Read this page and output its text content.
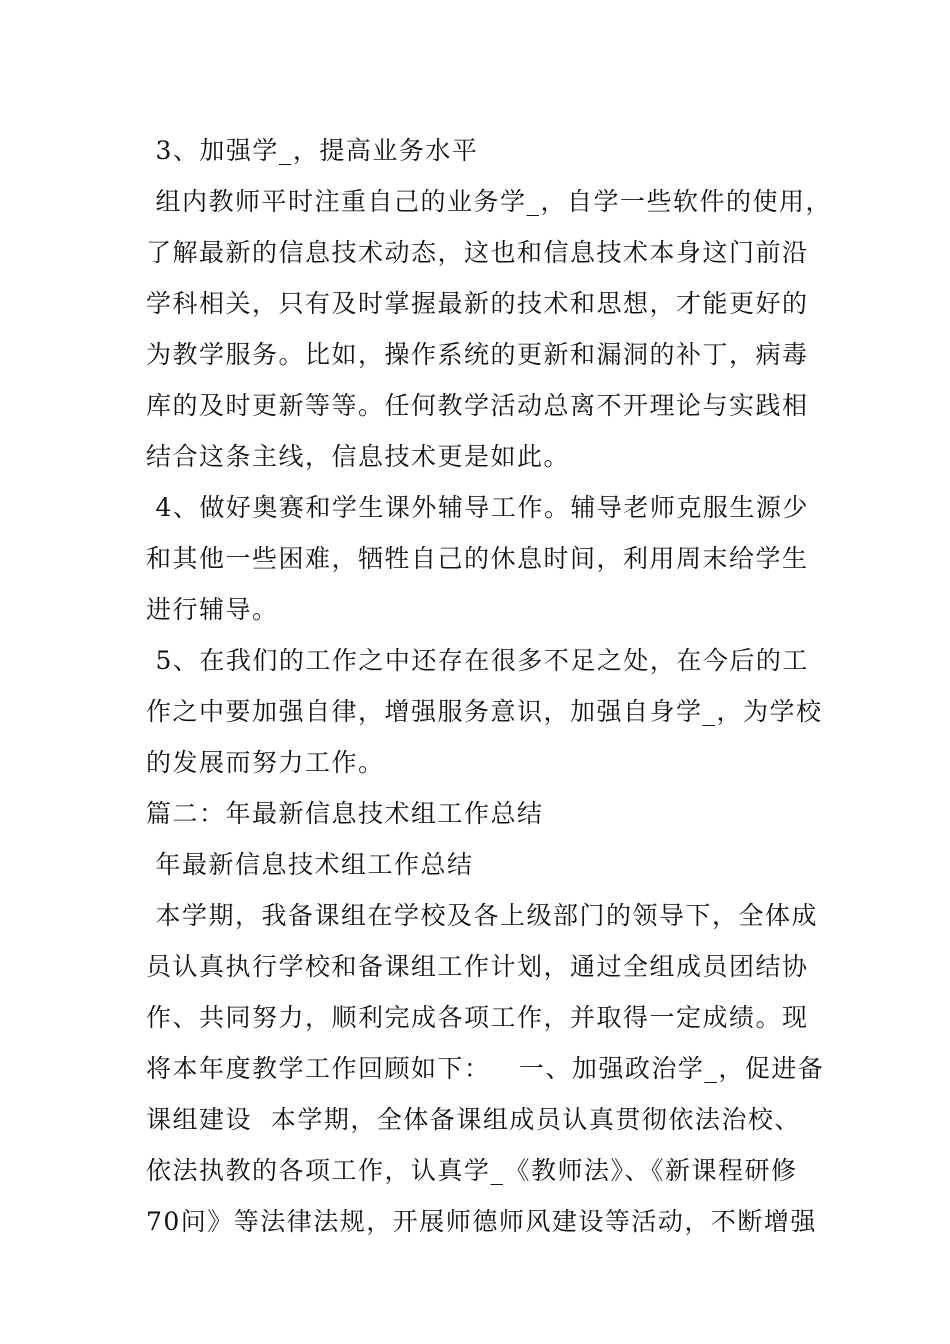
3、加强学_，提高业务水平

组内教师平时注重自己的业务学_，自学一些软件的使用，

了解最新的信息技术动态，这也和信息技术本身这门前沿

学科相关，只有及时掌握最新的技术和思想，才能更好的

为教学服务。比如，操作系统的更新和漏洞的补丁，病毒

库的及时更新等等。任何教学活动总离不开理论与实践相

结合这条主线，信息技术更是如此。

4、做好奥赛和学生课外辅导工作。辅导老师克服生源少

和其他一些困难，牺牲自己的休息时间，利用周末给学生

进行辅导。

5、在我们的工作之中还存在很多不足之处，在今后的工

作之中要加强自律，增强服务意识，加强自身学_，为学校

的发展而努力工作。

篇二：年最新信息技术组工作总结

年最新信息技术组工作总结

本学期，我备课组在学校及各上级部门的领导下，全体成

员认真执行学校和备课组工作计划，通过全组成员团结协

作、共同努力，顺利完成各项工作，并取得一定成绩。现

将本年度教学工作回顾如下：   一、加强政治学_，促进备

课组建设  本学期，全体备课组成员认真贯彻依法治校、

依法执教的各项工作，认真学_《教师法》、《新课程研修

70问》等法律法规，开展师德师风建设等活动，不断增强
